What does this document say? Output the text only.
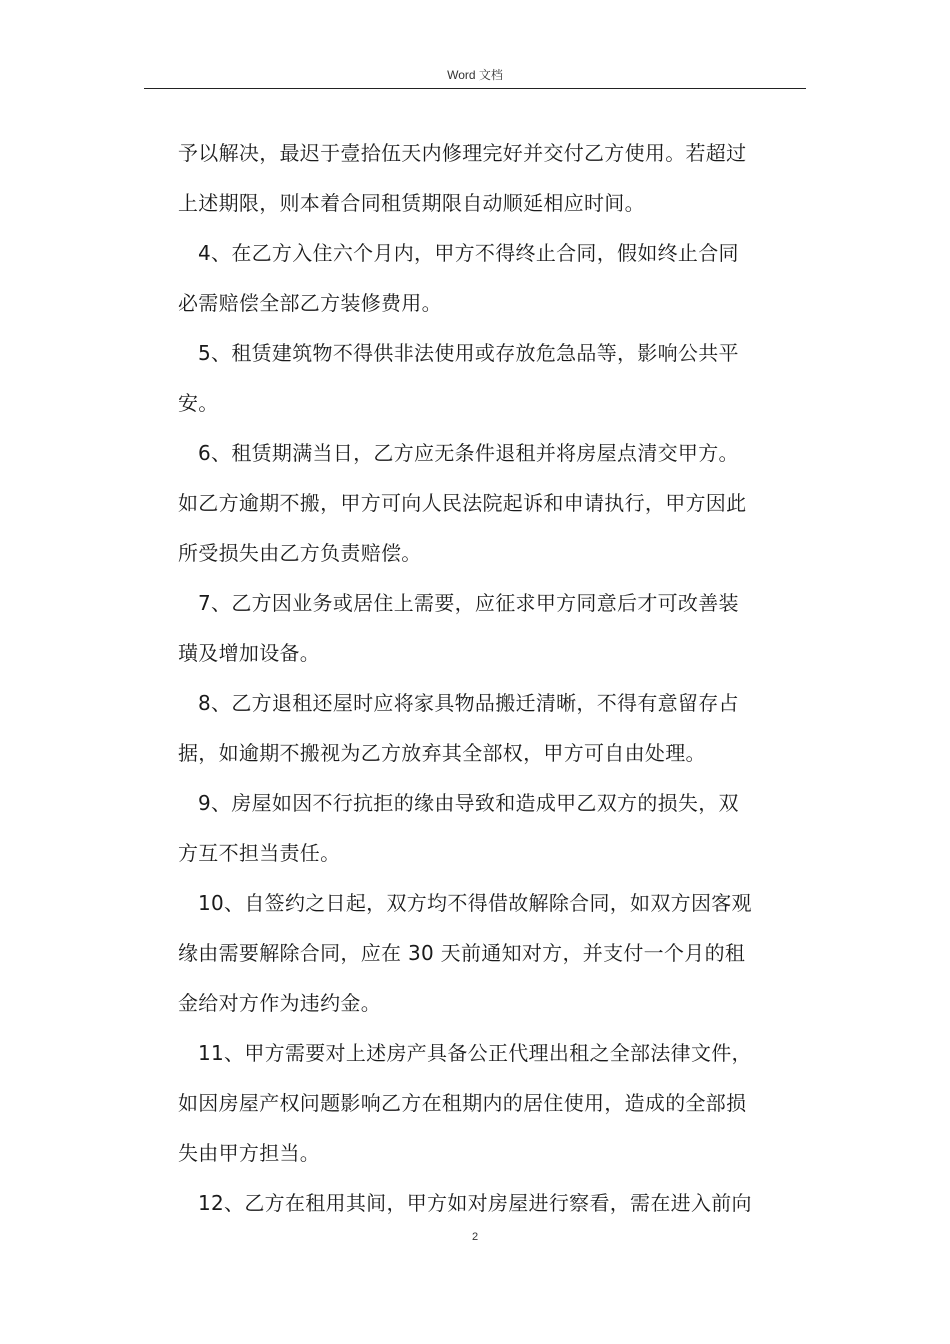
Word 文档
予以解决，最迟于壹拾伍天内修理完好并交付乙方使用。若超过
上述期限，则本着合同租赁期限自动顺延相应时间。
4、在乙方入住六个月内，甲方不得终止合同，假如终止合同
必需赔偿全部乙方装修费用。
5、租赁建筑物不得供非法使用或存放危急品等，影响公共平
安。
6、租赁期满当日，乙方应无条件退租并将房屋点清交甲方。
如乙方逾期不搬，甲方可向人民法院起诉和申请执行，甲方因此
所受损失由乙方负责赔偿。
7、乙方因业务或居住上需要，应征求甲方同意后才可改善装
璜及增加设备。
8、乙方退租还屋时应将家具物品搬迁清晰，不得有意留存占
据，如逾期不搬视为乙方放弃其全部权，甲方可自由处理。
9、房屋如因不行抗拒的缘由导致和造成甲乙双方的损失，双
方互不担当责任。
10、自签约之日起，双方均不得借故解除合同，如双方因客观
缘由需要解除合同，应在 30 天前通知对方，并支付一个月的租
金给对方作为违约金。
11、甲方需要对上述房产具备公正代理出租之全部法律文件，
如因房屋产权问题影响乙方在租期内的居住使用，造成的全部损
失由甲方担当。
12、乙方在租用其间，甲方如对房屋进行察看，需在进入前向
2
